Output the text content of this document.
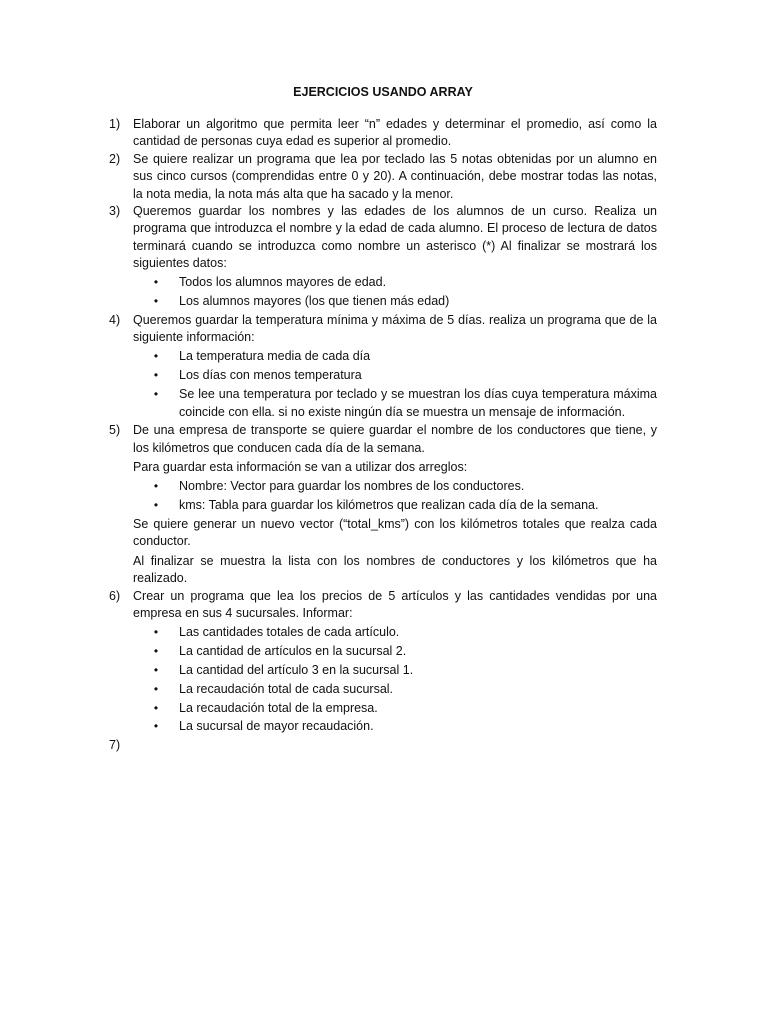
EJERCICIOS USANDO ARRAY
1)	Elaborar un algoritmo que permita leer “n” edades y determinar el promedio, así como la cantidad de personas cuya edad es superior al promedio.

2)	Se quiere realizar un programa que lea por teclado las 5 notas obtenidas por un alumno en sus cinco cursos (comprendidas entre 0 y 20). A continuación, debe mostrar todas las notas, la nota media, la nota más alta que ha sacado y la menor.

3)	Queremos guardar los nombres y las edades de los alumnos de un curso. Realiza un programa que introduzca el nombre y la edad de cada alumno. El proceso de lectura de datos terminará cuando se introduzca como nombre un asterisco (*) Al finalizar se mostrará los siguientes datos:

•	Todos los alumnos mayores de edad.
•	Los alumnos mayores (los que tienen más edad)
4)	Queremos guardar la temperatura mínima y máxima de 5 días. realiza un programa que de la siguiente información:

•	La temperatura media de cada día
•	Los días con menos temperatura
•	Se lee una temperatura por teclado y se muestran los días cuya temperatura máxima coincide con ella. si no existe ningún día se muestra un mensaje de información.
5)	De una empresa de transporte se quiere guardar el nombre de los conductores que tiene, y los kilómetros que conducen cada día de la semana.

Para guardar esta información se van a utilizar dos arreglos:

•	Nombre: Vector para guardar los nombres de los conductores.
•	kms: Tabla para guardar los kilómetros que realizan cada día de la semana.

Se quiere generar un nuevo vector (“total_kms”) con los kilómetros totales que realza cada conductor.

Al finalizar se muestra la lista con los nombres de conductores y los kilómetros que ha realizado.

6)	Crear un programa que lea los precios de 5 artículos y las cantidades vendidas por una empresa en sus 4 sucursales. Informar:

•	Las cantidades totales de cada artículo.
•	La cantidad de artículos en la sucursal 2.
•	La cantidad del artículo 3 en la sucursal 1.
•	La recaudación total de cada sucursal.
•	La recaudación total de la empresa.
•	La sucursal de mayor recaudación.
7)
